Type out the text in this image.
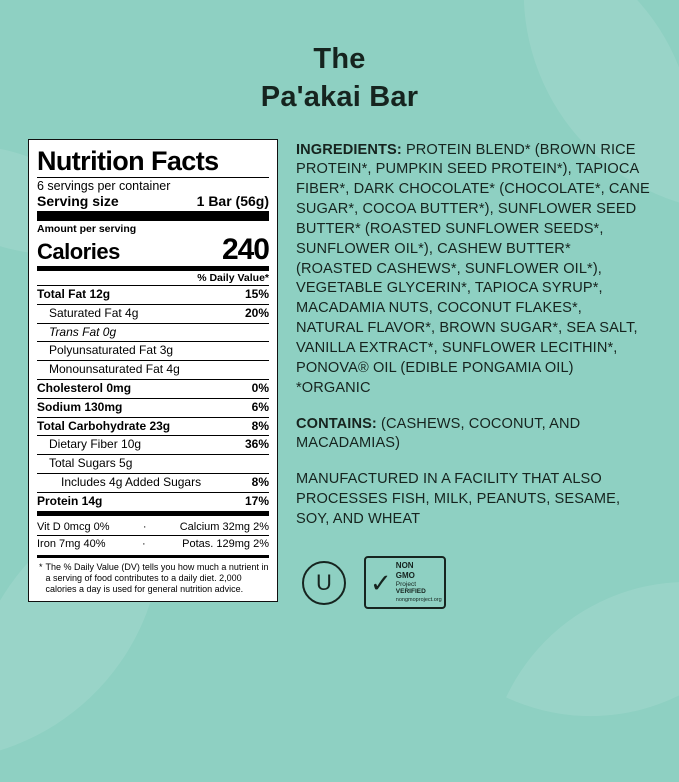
The
Pa'akai Bar
Nutrition Facts
6 servings per container
Serving size	1 Bar (56g)
Amount per serving
Calories	240
% Daily Value*
Total Fat 12g	15%
Saturated Fat 4g	20%
Trans Fat 0g
Polyunsaturated Fat 3g
Monounsaturated Fat 4g
Cholesterol 0mg	0%
Sodium 130mg	6%
Total Carbohydrate 23g	8%
Dietary Fiber 10g	36%
Total Sugars 5g
Includes 4g Added Sugars	8%
Protein 14g	17%
Vit D 0mcg 0%	·	Calcium 32mg 2%
Iron 7mg 40%	·	Potas. 129mg 2%
* The % Daily Value (DV) tells you how much a nutrient in a serving of food contributes to a daily diet. 2,000 calories a day is used for general nutrition advice.

INGREDIENTS: PROTEIN BLEND* (BROWN RICE PROTEIN*, PUMPKIN SEED PROTEIN*), TAPIOCA FIBER*, DARK CHOCOLATE* (CHOCOLATE*, CANE SUGAR*, COCOA BUTTER*), SUNFLOWER SEED BUTTER* (ROASTED SUNFLOWER SEEDS*, SUNFLOWER OIL*), CASHEW BUTTER* (ROASTED CASHEWS*, SUNFLOWER OIL*), VEGETABLE GLYCERIN*, TAPIOCA SYRUP*, MACADAMIA NUTS, COCONUT FLAKES*, NATURAL FLAVOR*, BROWN SUGAR*, SEA SALT, VANILLA EXTRACT*, SUNFLOWER LECITHIN*, PONOVA® OIL (EDIBLE PONGAMIA OIL) *ORGANIC

CONTAINS: (CASHEWS, COCONUT, AND MACADAMIAS)

MANUFACTURED IN A FACILITY THAT ALSO PROCESSES FISH, MILK, PEANUTS, SESAME, SOY, AND WHEAT

U ✓
NON
GMO
Project
VERIFIED
nongmoproject.org
